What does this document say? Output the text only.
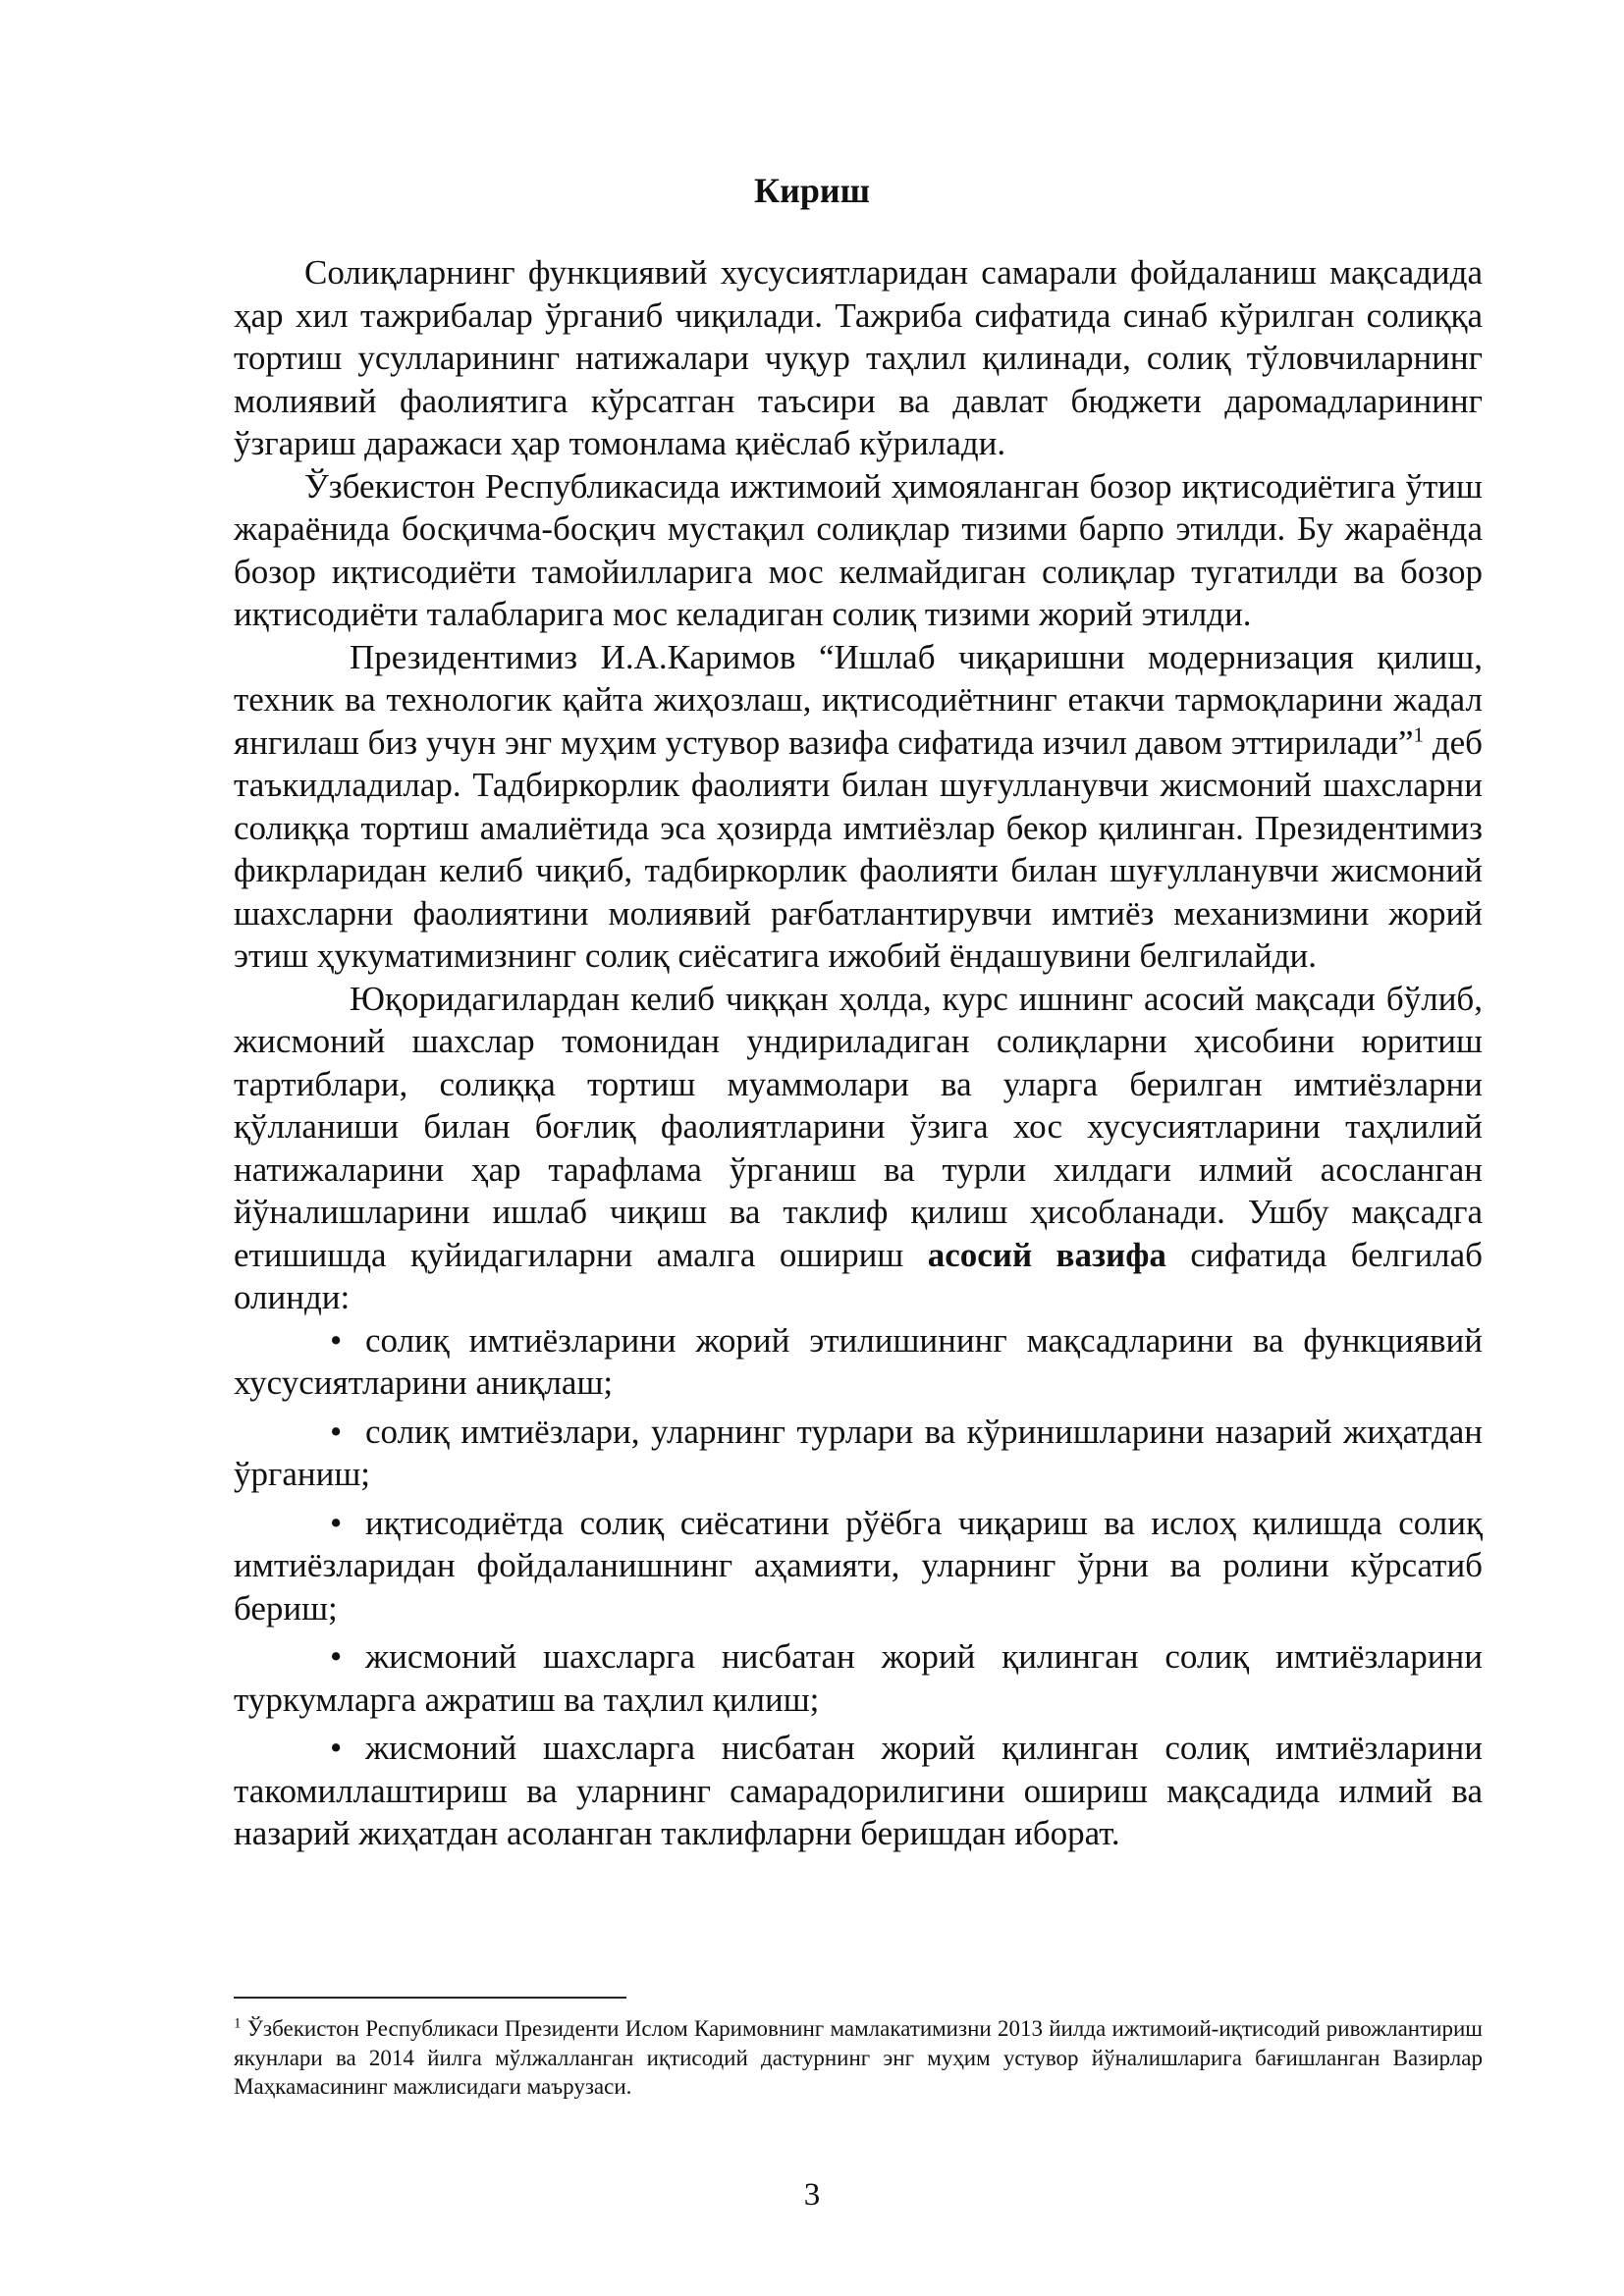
Кириш

Солиқларнинг функциявий хусусиятларидан самарали фойдаланиш мақсадида ҳар хил тажрибалар ўрганиб чиқилади. Тажриба сифатида синаб кўрилган солиққа тортиш усулларининг натижалари чуқур таҳлил қилинади, солиқ тўловчиларнинг молиявий фаолиятига кўрсатган таъсири ва давлат бюджети даромадларининг ўзгариш даражаси ҳар томонлама қиёслаб кўрилади.

Ўзбекистон Республикасида ижтимоий ҳимояланган бозор иқтисодиётига ўтиш жараёнида босқичма-босқич мустақил солиқлар тизими барпо этилди. Бу жараёнда бозор иқтисодиёти тамойилларига мос келмайдиган солиқлар тугатилди ва бозор иқтисодиёти талабларига мос келадиган солиқ тизими жорий этилди.

Президентимиз И.А.Каримов “Ишлаб чиқаришни модернизация қилиш, техник ва технологик қайта жиҳозлаш, иқтисодиётнинг етакчи тармоқларини жадал янгилаш биз учун энг муҳим устувор вазифа сифатида изчил давом эттирилади”$^1$ деб таъкидладилар. Тадбиркорлик фаолияти билан шуғулланувчи жисмоний шахсларни солиққа тортиш амалиётида эса ҳозирда имтиёзлар бекор қилинган. Президентимиз фикрларидан келиб чиқиб, тадбиркорлик фаолияти билан шуғулланувчи жисмоний шахсларни фаолиятини молиявий рағбатлантирувчи имтиёз механизмини жорий этиш ҳукуматимизнинг солиқ сиёсатига ижобий ёндашувини белгилайди.

Юқоридагилардан келиб чиққан ҳолда, курс ишнинг асосий мақсади бўлиб, жисмоний шахслар томонидан ундириладиган солиқларни ҳисобини юритиш тартиблари, солиққа тортиш муаммолари ва уларга берилган имтиёзларни қўлланиши билан боғлиқ фаолиятларини ўзига хос хусусиятларини таҳлилий натижаларини ҳар тарафлама ўрганиш ва турли хилдаги илмий асосланган йўналишларини ишлаб чиқиш ва таклиф қилиш ҳисобланади. Ушбу мақсадга етишишда қуйидагиларни амалга ошириш асосий вазифа сифатида белгилаб олинди:

• солиқ имтиёзларини жорий этилишининг мақсадларини ва функциявий хусусиятларини аниқлаш;

• солиқ имтиёзлари, уларнинг турлари ва кўринишларини назарий жиҳатдан ўрганиш;

• иқтисодиётда солиқ сиёсатини рўёбга чиқариш ва ислоҳ қилишда солиқ имтиёзларидан фойдаланишнинг аҳамияти, уларнинг ўрни ва ролини кўрсатиб бериш;

• жисмоний шахсларга нисбатан жорий қилинган солиқ имтиёзларини туркумларга ажратиш ва таҳлил қилиш;

• жисмоний шахсларга нисбатан жорий қилинган солиқ имтиёзларини такомиллаштириш ва уларнинг самарадорилигини ошириш мақсадида илмий ва назарий жиҳатдан асоланган таклифларни беришдан иборат.

$^1$ Ўзбекистон Республикаси Президенти Ислом Каримовнинг мамлакатимизни 2013 йилда ижтимоий-иқтисодий ривожлантириш якунлари ва 2014 йилга мўлжалланган иқтисодий дастурнинг энг муҳим устувор йўналишларига бағишланган Вазирлар Маҳкамасининг мажлисидаги маърузаси.

3
